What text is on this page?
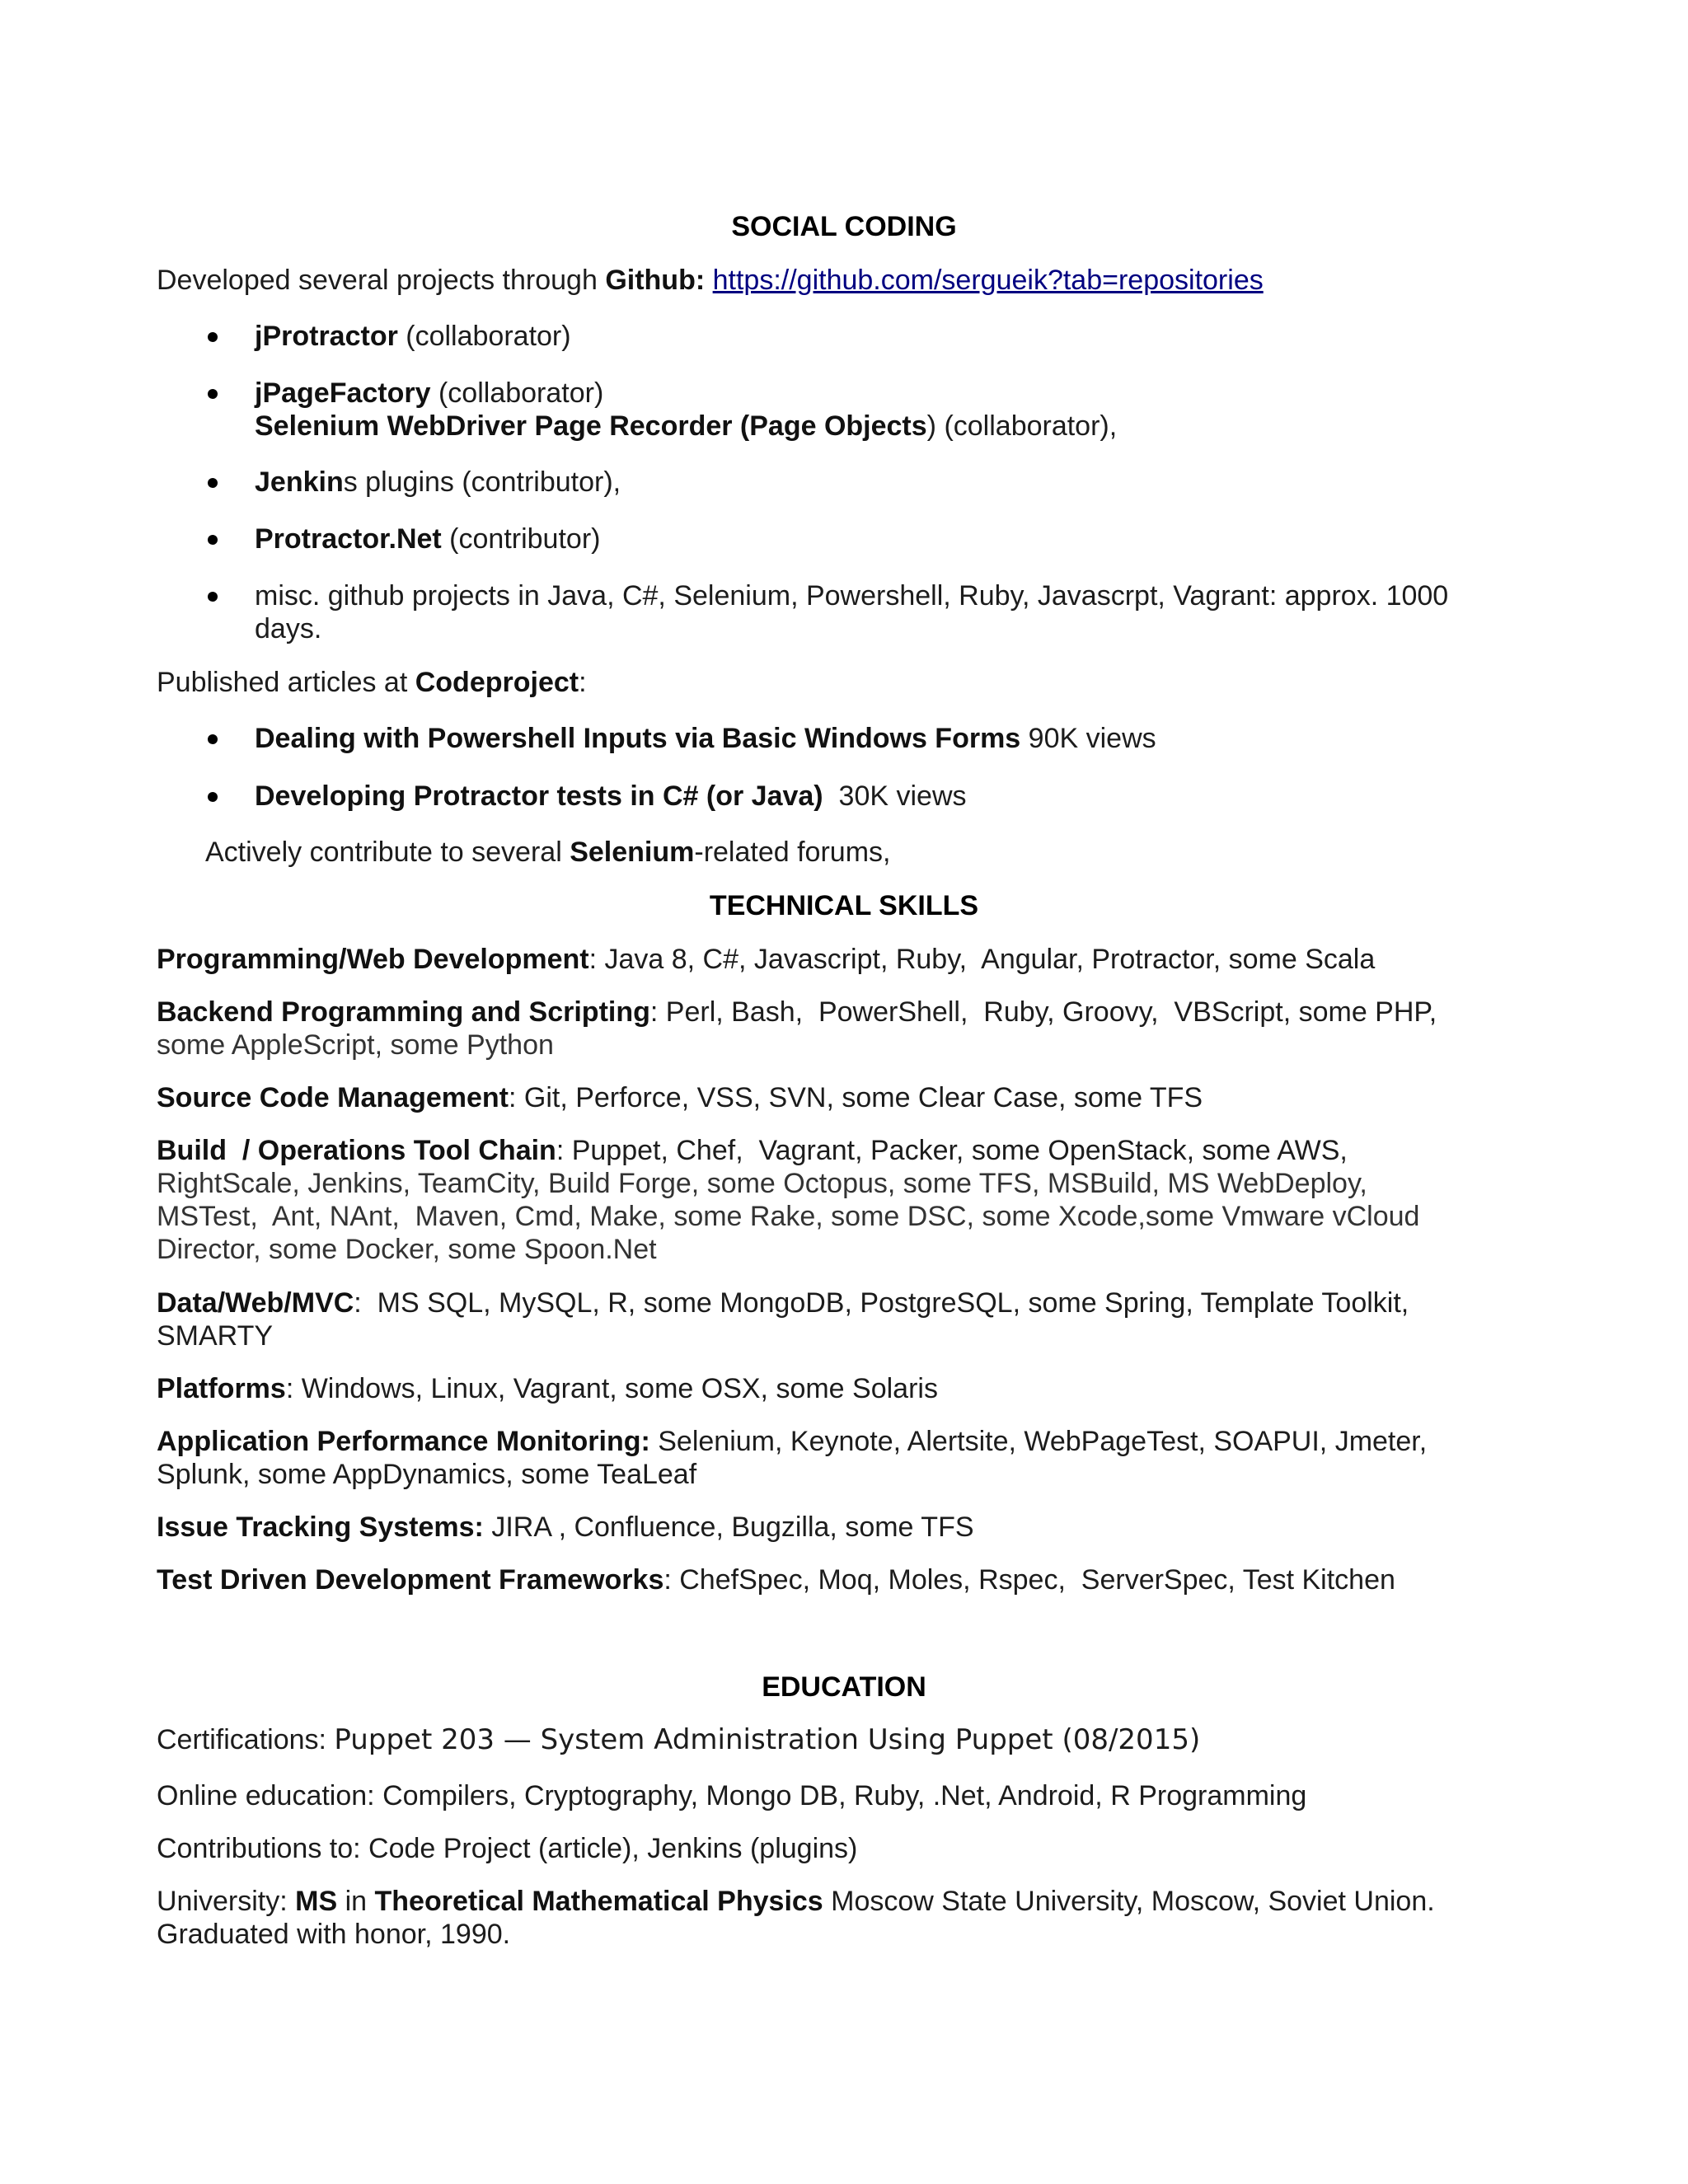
SOCIAL CODING
Developed several projects through Github: https://github.com/sergueik?tab=repositories
jProtractor (collaborator)
jPageFactory (collaborator)
Selenium WebDriver Page Recorder (Page Objects) (collaborator),
Jenkins plugins (contributor),
Protractor.Net (contributor)
misc. github projects in Java, C#, Selenium, Powershell, Ruby, Javascrpt, Vagrant: approx. 1000
days.
Published articles at Codeproject:
Dealing with Powershell Inputs via Basic Windows Forms 90K views
Developing Protractor tests in C# (or Java)  30K views
Actively contribute to several Selenium-related forums,
TECHNICAL SKILLS
Programming/Web Development: Java 8, C#, Javascript, Ruby,  Angular, Protractor, some Scala
Backend Programming and Scripting: Perl, Bash,  PowerShell,  Ruby, Groovy,  VBScript, some PHP,
some AppleScript, some Python
Source Code Management: Git, Perforce, VSS, SVN, some Clear Case, some TFS
Build  / Operations Tool Chain: Puppet, Chef,  Vagrant, Packer, some OpenStack, some AWS,
RightScale, Jenkins, TeamCity, Build Forge, some Octopus, some TFS, MSBuild, MS WebDeploy,
MSTest,  Ant, NAnt,  Maven, Cmd, Make, some Rake, some DSC, some Xcode,some Vmware vCloud
Director, some Docker, some Spoon.Net
Data/Web/MVC:  MS SQL, MySQL, R, some MongoDB, PostgreSQL, some Spring, Template Toolkit,
SMARTY
Platforms: Windows, Linux, Vagrant, some OSX, some Solaris
Application Performance Monitoring: Selenium, Keynote, Alertsite, WebPageTest, SOAPUI, Jmeter,
Splunk, some AppDynamics, some TeaLeaf
Issue Tracking Systems: JIRA , Confluence, Bugzilla, some TFS
Test Driven Development Frameworks: ChefSpec, Moq, Moles, Rspec,  ServerSpec, Test Kitchen
EDUCATION
Certifications: Puppet 203 — System Administration Using Puppet (08/2015)
Online education: Compilers, Cryptography, Mongo DB, Ruby, .Net, Android, R Programming
Contributions to: Code Project (article), Jenkins (plugins)
University: MS in Theoretical Mathematical Physics Moscow State University, Moscow, Soviet Union.
Graduated with honor, 1990.
